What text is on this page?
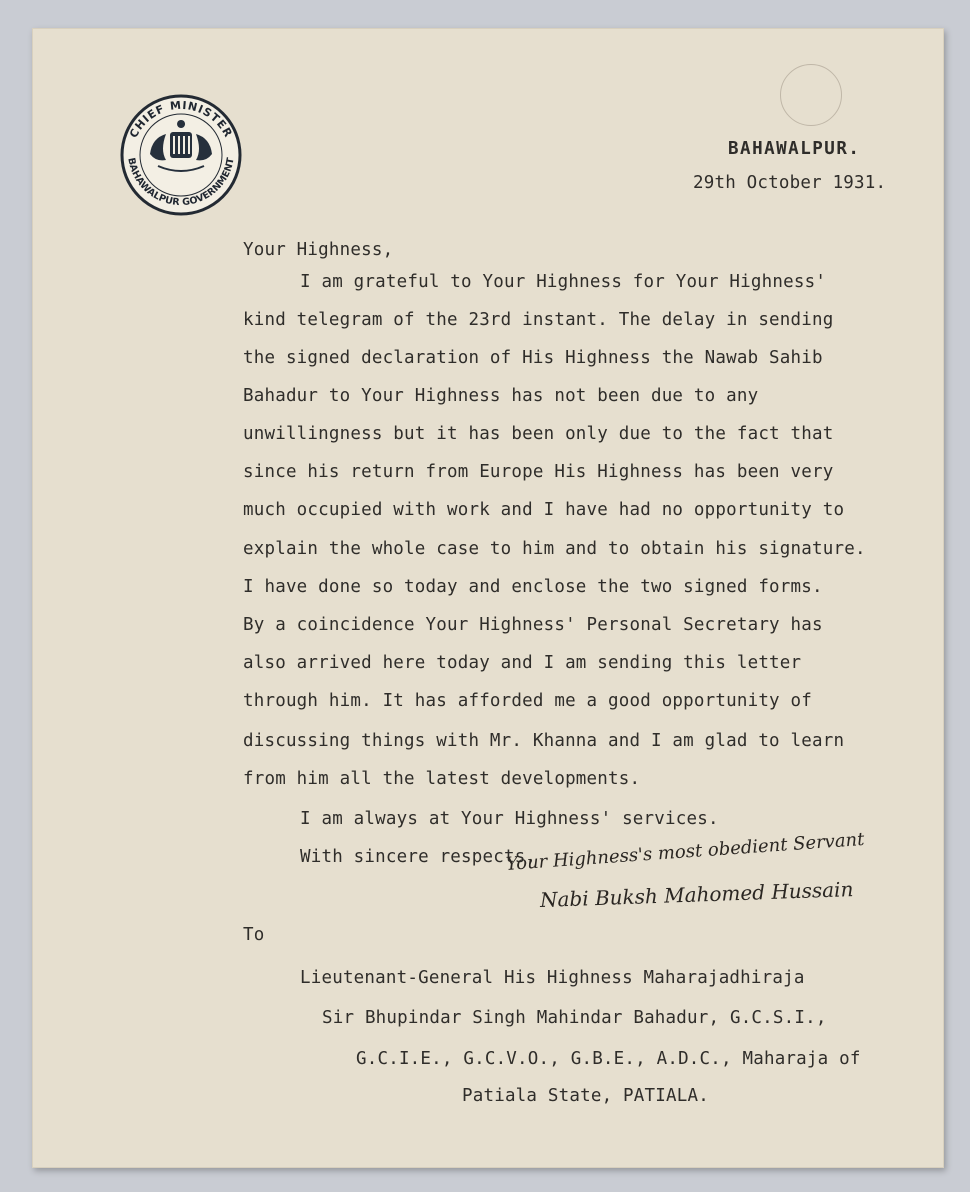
CHIEF MINISTER
BAHAWALPUR GOVERNMENT
BAHAWALPUR.
29th October 1931.
Your Highness,
I am grateful to Your Highness for Your Highness'
kind telegram of the 23rd instant. The delay in sending
the signed declaration of His Highness the Nawab Sahib
Bahadur to Your Highness has not been due to any
unwillingness but it has been only due to the fact that
since his return from Europe His Highness has been very
much occupied with work and I have had no opportunity to
explain the whole case to him and to obtain his signature.
I have done so today and enclose the two signed forms.
By a coincidence Your Highness' Personal Secretary has
also arrived here today and I am sending this letter
through him. It has afforded me a good opportunity of
discussing things with Mr. Khanna and I am glad to learn
from him all the latest developments.
I am always at Your Highness' services.
With sincere respects,
Your Highness's most obedient Servant
Nabi Buksh Mahomed Hussain
To
Lieutenant-General His Highness Maharajadhiraja
Sir Bhupindar Singh Mahindar Bahadur, G.C.S.I.,
G.C.I.E., G.C.V.O., G.B.E., A.D.C., Maharaja of
Patiala State, PATIALA.
